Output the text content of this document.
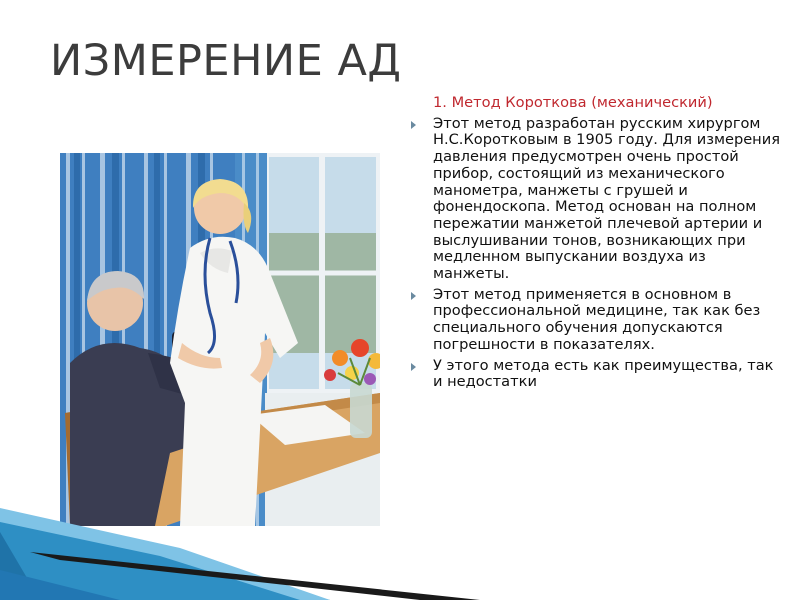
ИЗМЕРЕНИЕ АД
1. Метод Короткова (механический)
Этот метод разработан русским хирургом Н.С.Коротковым в 1905 году. Для измерения давления предусмотрен очень простой прибор, состоящий из механического манометра, манжеты с грушей и фонендоскопа. Метод основан на полном пережатии манжетой плечевой артерии и выслушивании тонов, возникающих при медленном выпускании воздуха из манжеты.
Этот метод применяется в основном в профессиональной медицине, так как без специального обучения допускаются погрешности в показателях.
У этого метода есть как преимущества, так и недостатки
